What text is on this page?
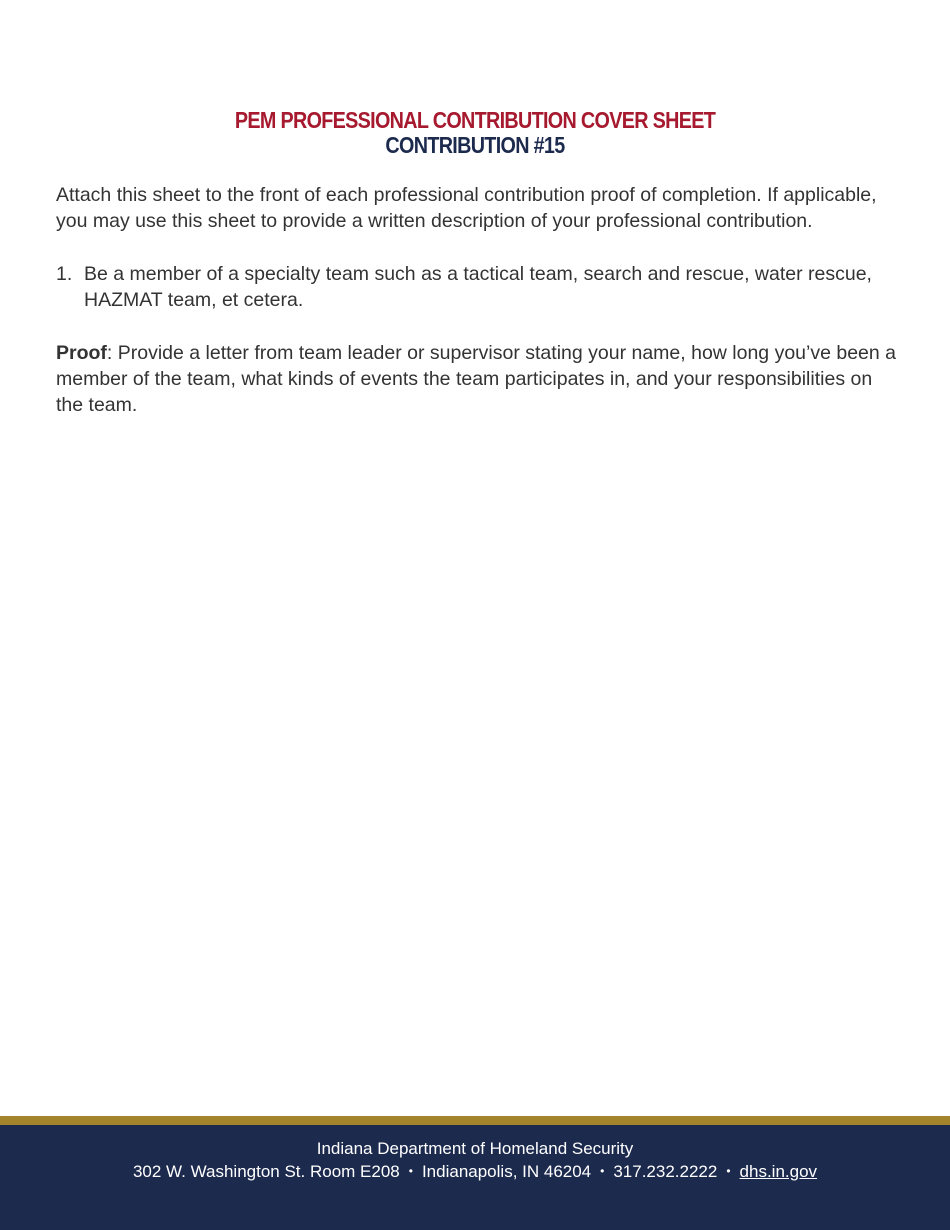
PEM PROFESSIONAL CONTRIBUTION COVER SHEET
CONTRIBUTION #15

Attach this sheet to the front of each professional contribution proof of completion. If applicable, you may use this sheet to provide a written description of your professional contribution.

1. Be a member of a specialty team such as a tactical team, search and rescue, water rescue, HAZMAT team, et cetera.

Proof: Provide a letter from team leader or supervisor stating your name, how long you’ve been a member of the team, what kinds of events the team participates in, and your responsibilities on the team.

Indiana Department of Homeland Security
302 W. Washington St. Room E208 • Indianapolis, IN 46204 • 317.232.2222 • dhs.in.gov
